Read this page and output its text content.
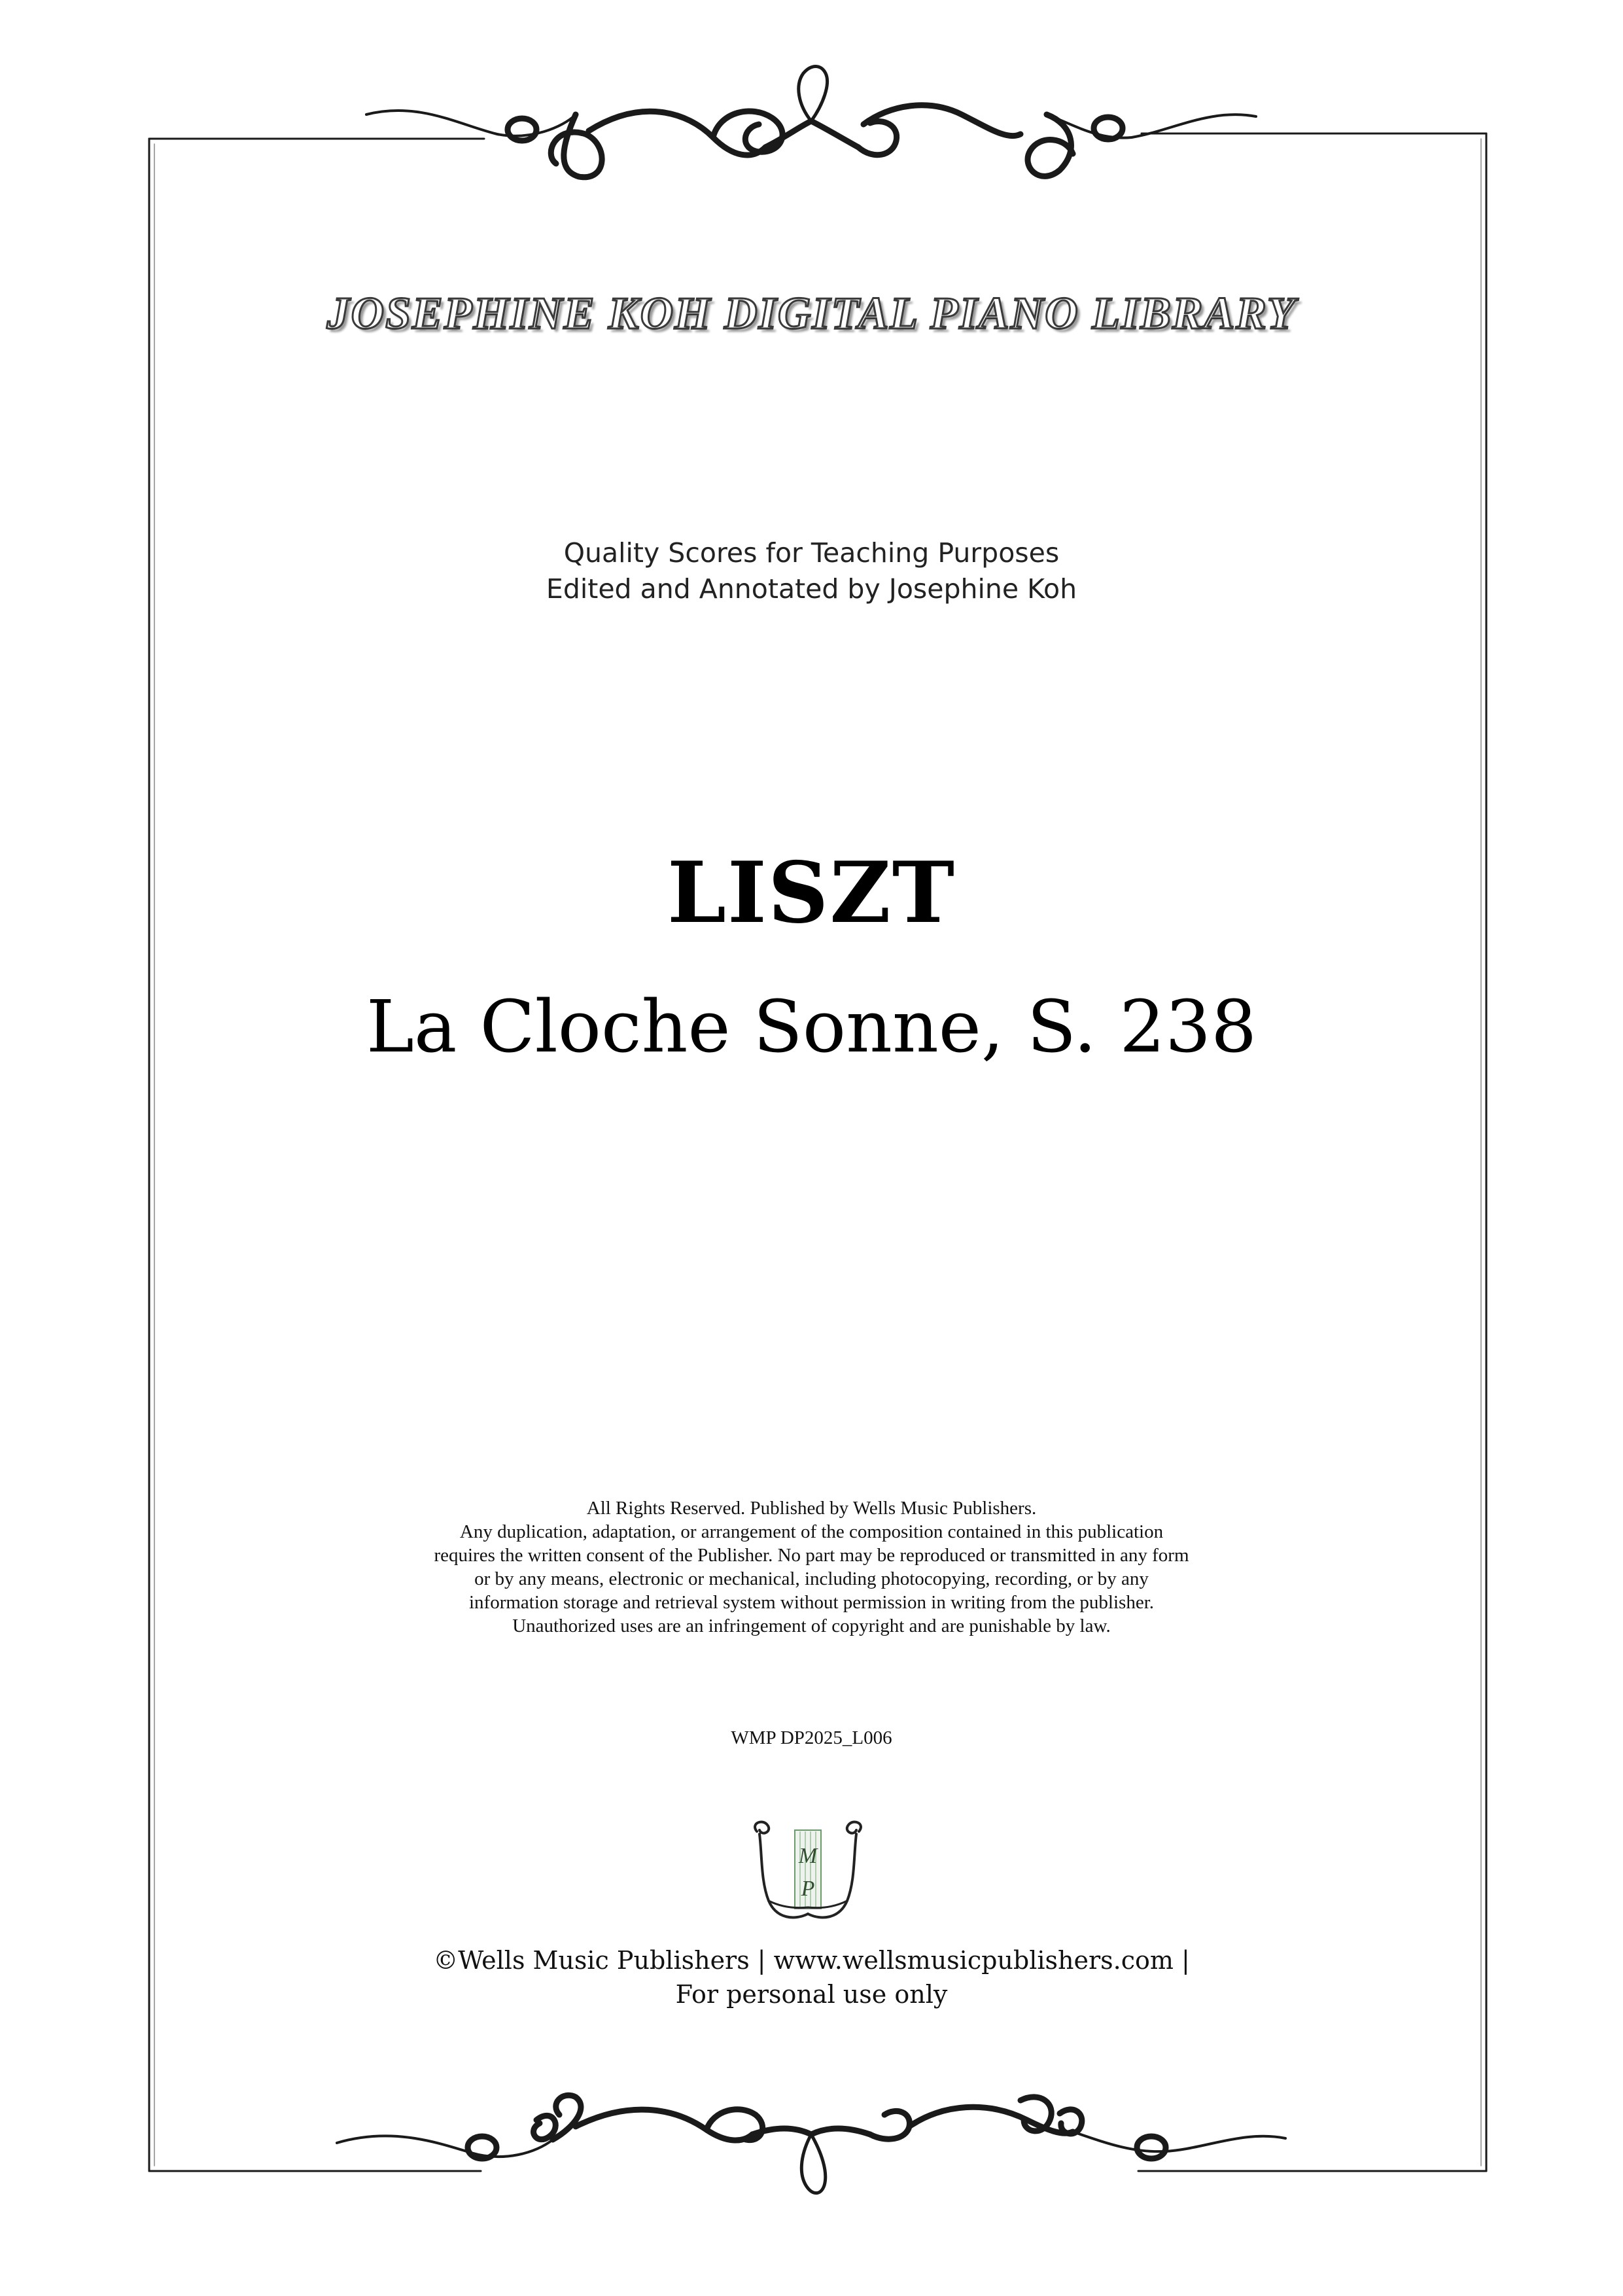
JOSEPHINE KOH DIGITAL PIANO LIBRARY
Quality Scores for Teaching Purposes
Edited and Annotated by Josephine Koh
LISZT
La Cloche Sonne, S. 238
All Rights Reserved. Published by Wells Music Publishers.
Any duplication, adaptation, or arrangement of the composition contained in this publication
requires the written consent of the Publisher. No part may be reproduced or transmitted in any form
or by any means, electronic or mechanical, including photocopying, recording, or by any
information storage and retrieval system without permission in writing from the publisher.
Unauthorized uses are an infringement of copyright and are punishable by law.
WMP DP2025_L006
M
P
©Wells Music Publishers | www.wellsmusicpublishers.com |
For personal use only
